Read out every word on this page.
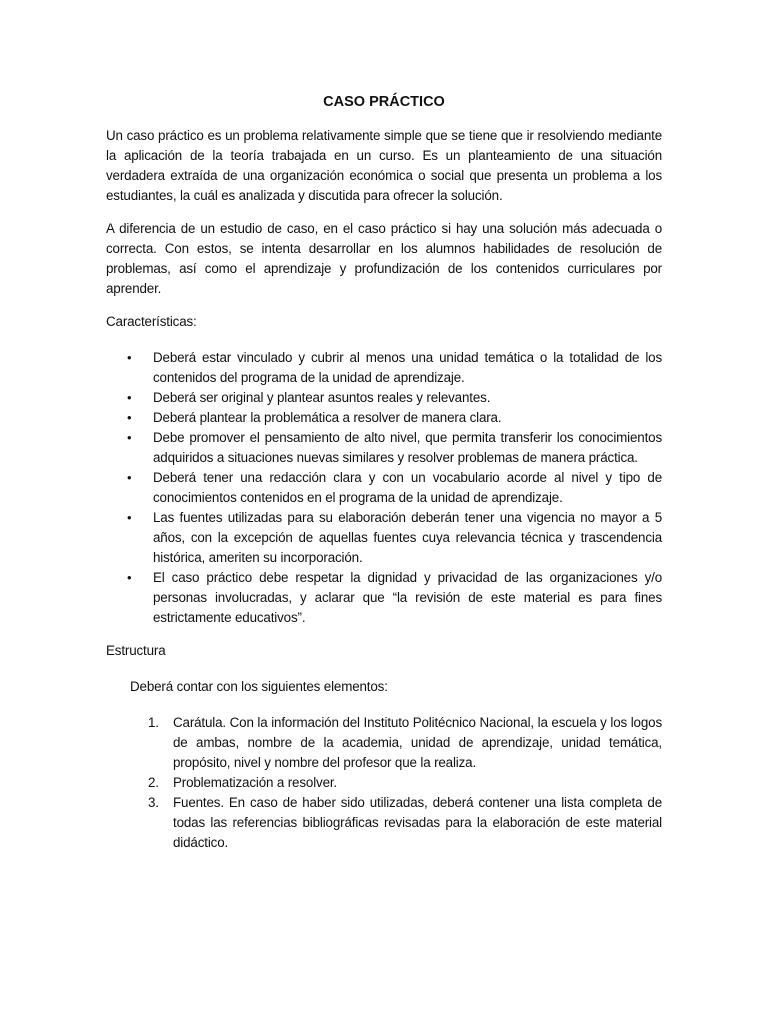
CASO PRÁCTICO

Un caso práctico es un problema relativamente simple que se tiene que ir resolviendo mediante la aplicación de la teoría trabajada en un curso. Es un planteamiento de una situación verdadera extraída de una organización económica o social que presenta un problema a los estudiantes, la cuál es analizada y discutida para ofrecer la solución.

A diferencia de un estudio de caso, en el caso práctico si hay una solución más adecuada o correcta. Con estos, se intenta desarrollar en los alumnos habilidades de resolución de problemas, así como el aprendizaje y profundización de los contenidos curriculares por aprender.

Características:

• Deberá estar vinculado y cubrir al menos una unidad temática o la totalidad de los contenidos del programa de la unidad de aprendizaje.
• Deberá ser original y plantear asuntos reales y relevantes.
• Deberá plantear la problemática a resolver de manera clara.
• Debe promover el pensamiento de alto nivel, que permita transferir los conocimientos adquiridos a situaciones nuevas similares y resolver problemas de manera práctica.
• Deberá tener una redacción clara y con un vocabulario acorde al nivel y tipo de conocimientos contenidos en el programa de la unidad de aprendizaje.
• Las fuentes utilizadas para su elaboración deberán tener una vigencia no mayor a 5 años, con la excepción de aquellas fuentes cuya relevancia técnica y trascendencia histórica, ameriten su incorporación.
• El caso práctico debe respetar la dignidad y privacidad de las organizaciones y/o personas involucradas, y aclarar que “la revisión de este material es para fines estrictamente educativos”.

Estructura

Deberá contar con los siguientes elementos:

1. Carátula. Con la información del Instituto Politécnico Nacional, la escuela y los logos de ambas, nombre de la academia, unidad de aprendizaje, unidad temática, propósito, nivel y nombre del profesor que la realiza.
2. Problematización a resolver.
3. Fuentes. En caso de haber sido utilizadas, deberá contener una lista completa de todas las referencias bibliográficas revisadas para la elaboración de este material didáctico.
